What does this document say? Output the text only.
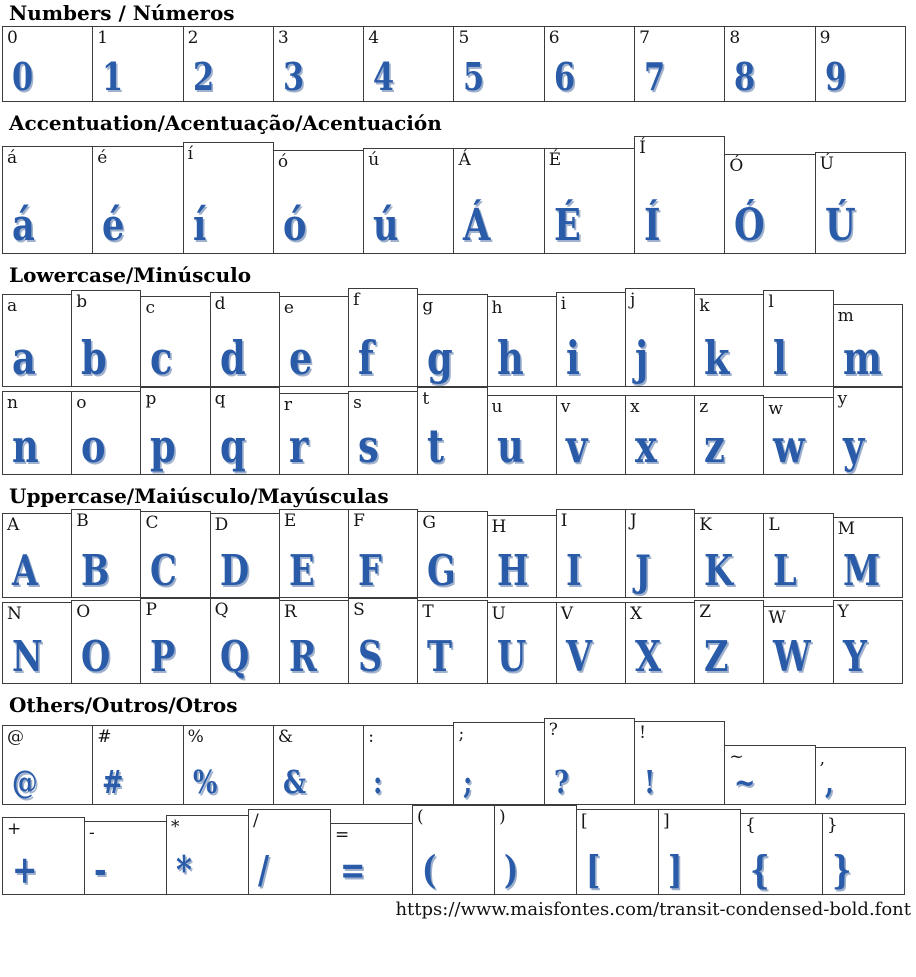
Numbers / Números
0
0
1
1
2
2
3
3
4
4
5
5
6
6
7
7
8
8
9
9
Accentuation/Acentuação/Acentuación
á
á
é
é
í
í
ó
ó
ú
ú
Á
Á
É
É
Í
Í
Ó
Ó
Ú
Ú
Lowercase/Minúsculo
a
a
b
b
c
c
d
d
e
e
f
f
g
g
h
h
i
i
j
j
k
k
l
l
m
m
n
n
o
o
p
p
q
q
r
r
s
s
t
t
u
u
v
v
x
x
z
z
w
w
y
y
Uppercase/Maiúsculo/Mayúsculas
A
A
B
B
C
C
D
D
E
E
F
F
G
G
H
H
I
I
J
J
K
K
L
L
M
M
N
N
O
O
P
P
Q
Q
R
R
S
S
T
T
U
U
V
V
X
X
Z
Z
W
W
Y
Y
Others/Outros/Otros
@
@
#
#
%
%
&
&
:
:
;
;
?
?
!
!
~
~
,
,
+
+
-
-
*
*
/
/
=
=
(
(
)
)
[
[
]
]
{
{
}
}
https://www.maisfontes.com/transit-condensed-bold.font
